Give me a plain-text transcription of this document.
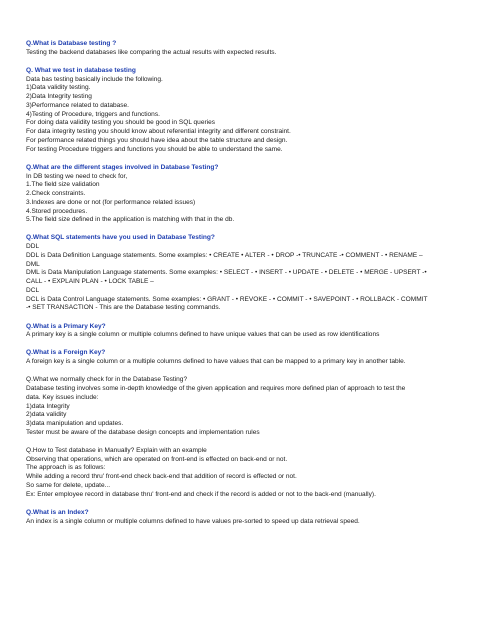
Q.What is Database testing ?
Testing the backend databases like comparing the actual results with expected results.
Q. What we test in database testing
Data bas testing basically include the following.
1)Data validity testing.
2)Data Integrity testing
3)Performance related to database.
4)Testing of Procedure, triggers and functions.
For doing data validity testing you should be good in SQL queries
For data integrity testing you should know about referential integrity and different constraint.
For performance related things you should have idea about the table structure and design.
For testing Procedure triggers and functions you should be able to understand the same.
Q.What are the different stages involved in Database Testing?
In DB testing we need to check for,
1.The field size validation
2.Check constraints.
3.Indexes are done or not (for performance related issues)
4.Stored procedures.
5.The field size defined in the application is matching with that in the db.
Q.What SQL statements have you used in Database Testing?
DDL
DDL is Data Definition Language statements. Some examples: • CREATE • ALTER - • DROP -• TRUNCATE -• COMMENT - • RENAME –
DML
DML is Data Manipulation Language statements. Some examples: • SELECT - • INSERT - • UPDATE - • DELETE - • MERGE - UPSERT -•
CALL - • EXPLAIN PLAN - • LOCK TABLE –
DCL
DCL is Data Control Language statements. Some examples: • GRANT - • REVOKE - • COMMIT - • SAVEPOINT - • ROLLBACK - COMMIT
-• SET TRANSACTION - This are the Database testing commands.
Q.What is a Primary Key?
A primary key is a single column or multiple columns defined to have unique values that can be used as row identifications
Q.What is a Foreign Key?
A foreign key is a single column or a multiple columns defined to have values that can be mapped to a primary key in another table.
Q.What we normally check for in the Database Testing?
Database testing involves some in-depth knowledge of the given application and requires more defined plan of approach to test the
data. Key issues include:
1)data Integrity
2)data validity
3)data manipulation and updates.
Tester must be aware of the database design concepts and implementation rules
Q.How to Test database in Manually? Explain with an example
Observing that operations, which are operated on front-end is effected on back-end or not.
The approach is as follows:
While adding a record thru' front-end check back-end that addition of record is effected or not.
So same for delete, update...
Ex: Enter employee record in database thru' front-end and check if the record is added or not to the back-end (manually).
Q.What is an Index?
An index is a single column or multiple columns defined to have values pre-sorted to speed up data retrieval speed.
